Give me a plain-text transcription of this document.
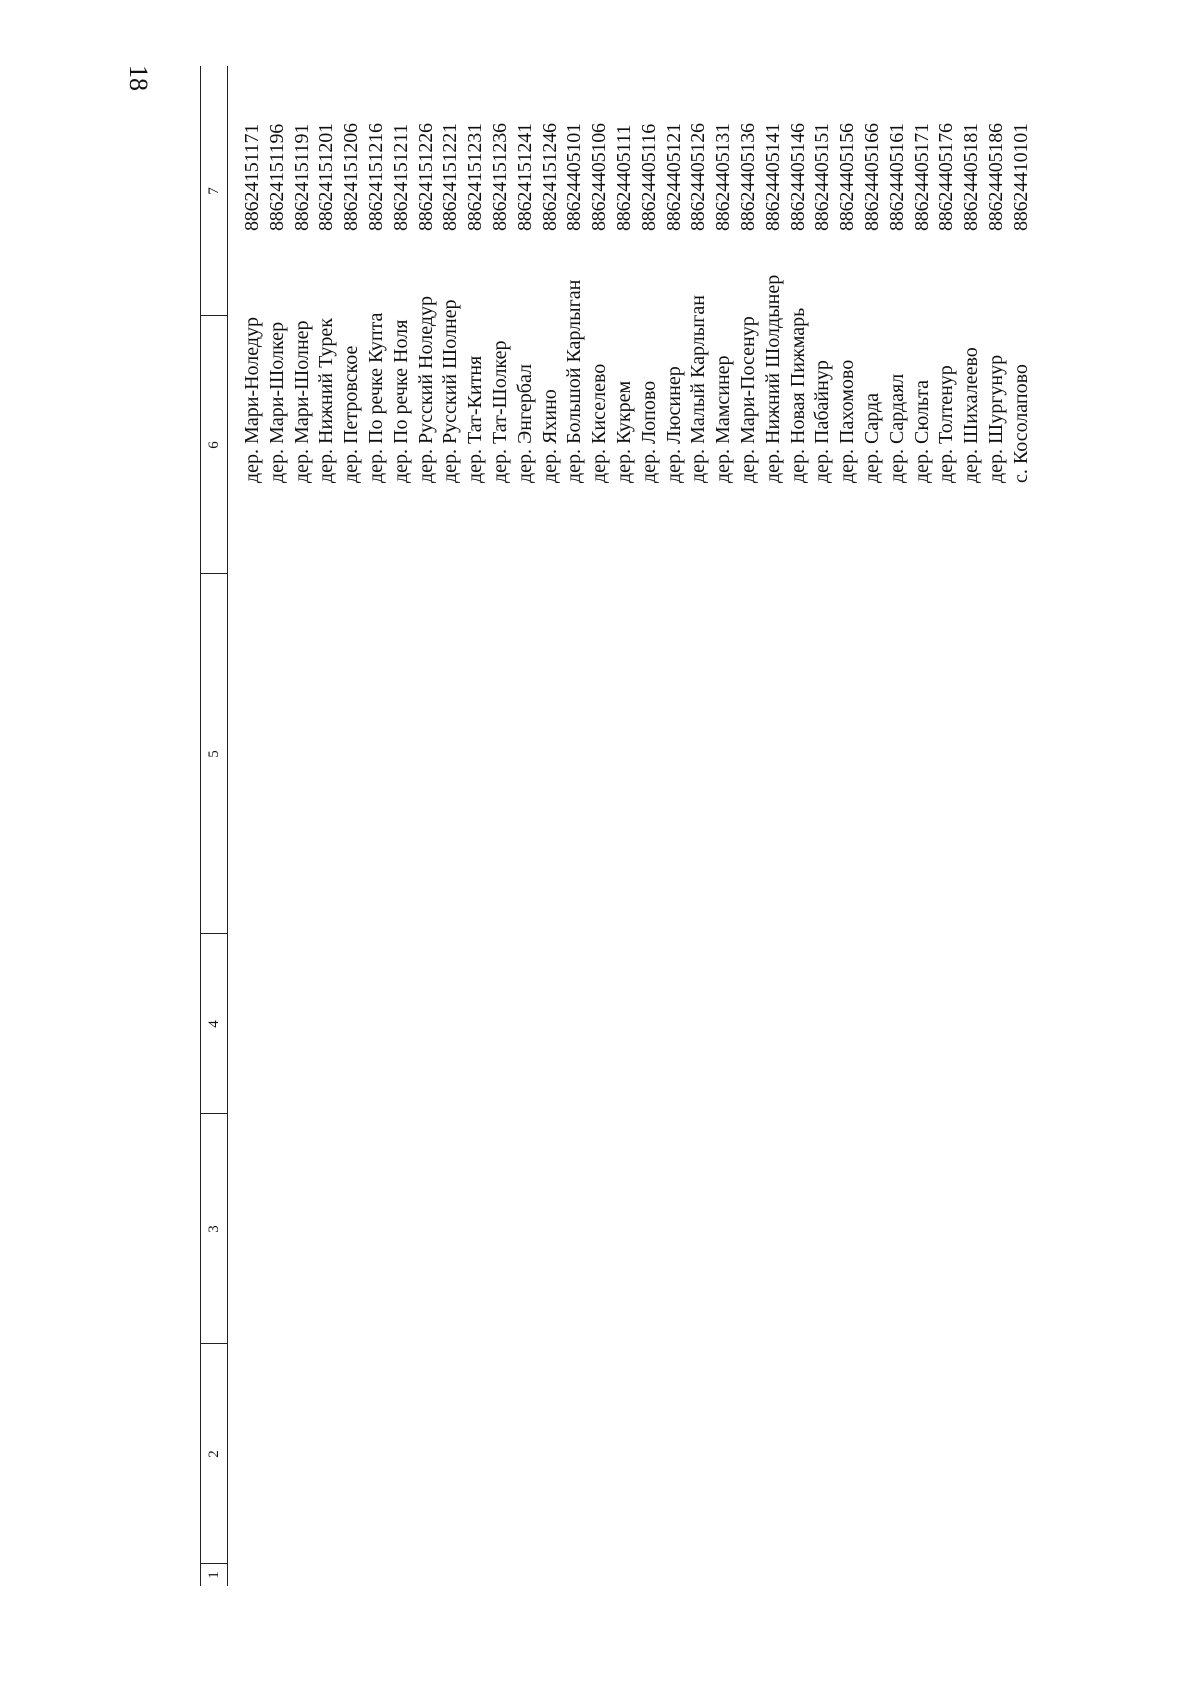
18
1
2
3
4
5
6
7
дер. Мари-Ноледур
88624151171
дер. Мари-Шолкер
88624151196
дер. Мари-Шолнер
88624151191
дер. Нижний Турек
88624151201
дер. Петровское
88624151206
дер. По речке Купта
88624151216
дер. По речке Ноля
88624151211
дер. Русский Ноледур
88624151226
дер. Русский Шолнер
88624151221
дер. Тат-Китня
88624151231
дер. Тат-Шолкер
88624151236
дер. Энгербал
88624151241
дер. Яхино
88624151246
дер. Большой Карлыган
88624405101
дер. Киселево
88624405106
дер. Кукрем
88624405111
дер. Лопово
88624405116
дер. Люсинер
88624405121
дер. Малый Карлыган
88624405126
дер. Мамсинер
88624405131
дер. Мари-Посенур
88624405136
дер. Нижний Шолдынер
88624405141
дер. Новая Пижмарь
88624405146
дер. Пабайнур
88624405151
дер. Пахомово
88624405156
дер. Сарда
88624405166
дер. Сардаял
88624405161
дер. Сюльта
88624405171
дер. Толтенур
88624405176
дер. Шихалеево
88624405181
дер. Шургунур
88624405186
с. Косолапово
88624410101
